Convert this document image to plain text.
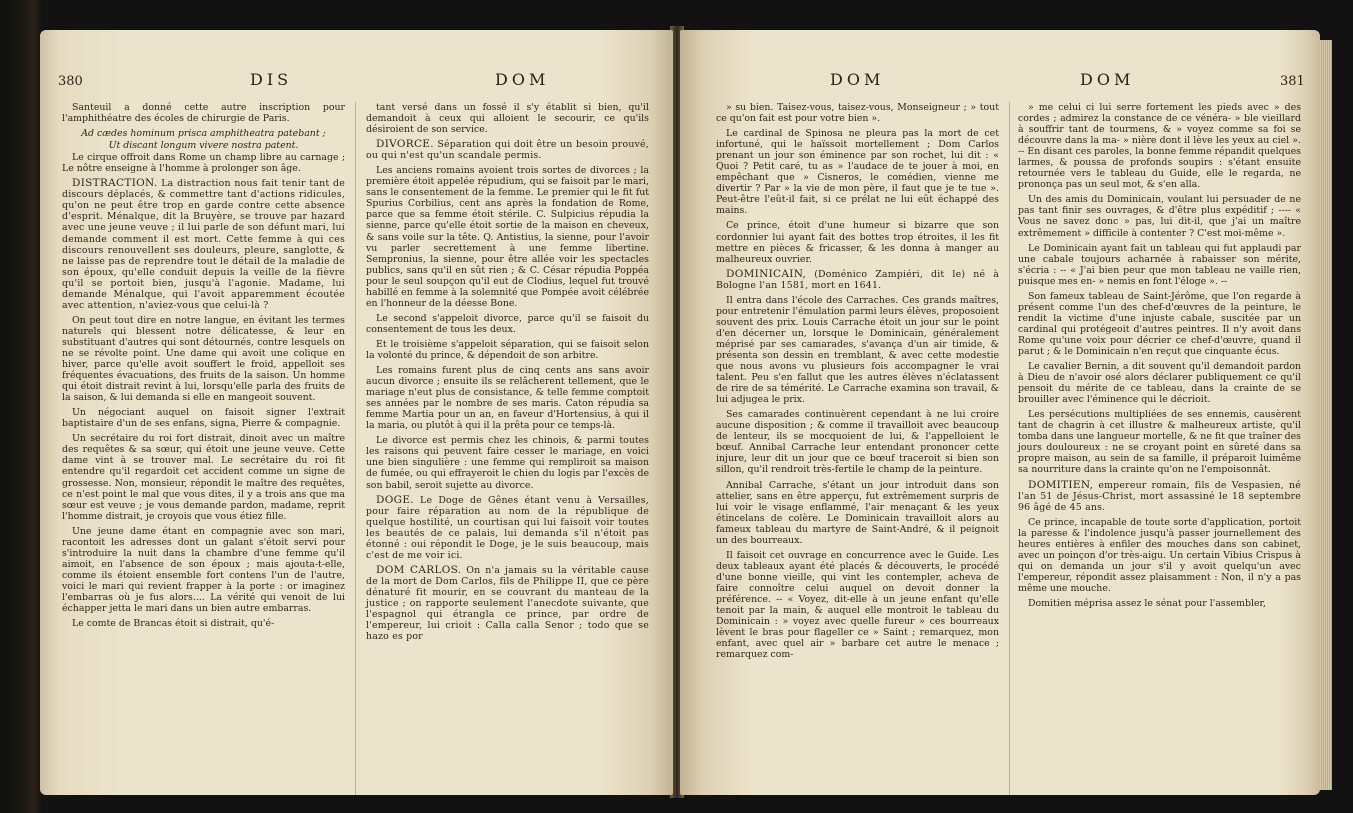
380	DIS	DOM

Santeuil a donné cette autre inscription pour l'amphithéatre des écoles de chirurgie de Paris.

Ad cædes hominum prisca amphitheatra patebant ;

Ut discant longum vivere nostra patent.

Le cirque offroit dans Rome un champ libre au carnage ; Le nôtre enseigne à l'homme à prolonger son âge.

DISTRACTION. La distraction nous fait tenir tant de discours déplacés, & commettre tant d'actions ridicules, qu'on ne peut être trop en garde contre cette absence d'esprit. Ménalque, dit la Bruyère, se trouve par hazard avec une jeune veuve ; il lui parle de son défunt mari, lui demande comment il est mort. Cette femme à qui ces discours renouvellent ses douleurs, pleure, sanglotte, & ne laisse pas de reprendre tout le détail de la maladie de son époux, qu'elle conduit depuis la veille de la fièvre qu'il se portoit bien, jusqu'à l'agonie. Madame, lui demande Ménalque, qui l'avoit apparemment écoutée avec attention, n'aviez-vous que celui-là ?

On peut tout dire en notre langue, en évitant les termes naturels qui blessent notre délicatesse, & leur en substituant d'autres qui sont détournés, contre lesquels on ne se révolte point. Une dame qui avoit une colique en hiver, parce qu'elle avoit souffert le froid, appelloit ses fréquentes évacuations, des fruits de la saison. Un homme qui étoit distrait revint à lui, lorsqu'elle parla des fruits de la saison, & lui demanda si elle en mangeoit souvent.

Un négociant auquel on faisoit signer l'extrait baptistaire d'un de ses enfans, signa, Pierre & compagnie.

Un secrétaire du roi fort distrait, dinoit avec un maître des requêtes & sa sœur, qui étoit une jeune veuve. Cette dame vint à se trouver mal. Le secrétaire du roi fit entendre qu'il regardoit cet accident comme un signe de grossesse. Non, monsieur, répondit le maître des requêtes, ce n'est point le mal que vous dites, il y a trois ans que ma sœur est veuve ; je vous demande pardon, madame, reprit l'homme distrait, je croyois que vous étiez fille.

Une jeune dame étant en compagnie avec son mari, racontoit les adresses dont un galant s'étoit servi pour s'introduire la nuit dans la chambre d'une femme qu'il aimoit, en l'absence de son époux ; mais ajouta-t-elle, comme ils étoient ensemble fort contens l'un de l'autre, voici le mari qui revient frapper à la porte : or imaginez l'embarras où je fus alors.... La vérité qui venoit de lui échapper jetta le mari dans un bien autre embarras.

Le comte de Brancas étoit si distrait, qu'é-

tant versé dans un fossé il s'y établit si bien, qu'il demandoit à ceux qui alloient le secourir, ce qu'ils désiroient de son service.

DIVORCE. Séparation qui doit être un besoin prouvé, ou qui n'est qu'un scandale permis.

Les anciens romains avoient trois sortes de divorces ; la première étoit appelée répudium, qui se faisoit par le mari, sans le consentement de la femme. Le premier qui le fit fut Spurius Corbilius, cent ans après la fondation de Rome, parce que sa femme étoit stérile. C. Sulpicius répudia la sienne, parce qu'elle étoit sortie de la maison en cheveux, & sans voile sur la tête. Q. Antistius, la sienne, pour l'avoir vu parler secrettement à une femme libertine. Sempronius, la sienne, pour être allée voir les spectacles publics, sans qu'il en sût rien ; & C. César répudia Poppéa pour le seul soupçon qu'il eut de Clodius, lequel fut trouvé habillé en femme à la solemnité que Pompée avoit célébrée en l'honneur de la déesse Bone.

Le second s'appeloit divorce, parce qu'il se faisoit du consentement de tous les deux.

Et le troisième s'appeloit séparation, qui se faisoit selon la volonté du prince, & dépendoit de son arbitre.

Les romains furent plus de cinq cents ans sans avoir aucun divorce ; ensuite ils se relâcherent tellement, que le mariage n'eut plus de consistance, & telle femme comptoit ses années par le nombre de ses maris. Caton répudia sa femme Martia pour un an, en faveur d'Hortensius, à qui il la maria, ou plutôt à qui il la prêta pour ce temps-là.

Le divorce est permis chez les chinois, & parmi toutes les raisons qui peuvent faire cesser le mariage, en voici une bien singulière : une femme qui rempliroit sa maison de fumée, ou qui effrayeroit le chien du logis par l'excès de son babil, seroit sujette au divorce.

DOGE. Le Doge de Gênes étant venu à Versailles, pour faire réparation au nom de la république de quelque hostilité, un courtisan qui lui faisoit voir toutes les beautés de ce palais, lui demanda s'il n'étoit pas étonné : oui répondit le Doge, je le suis beaucoup, mais c'est de me voir ici.

DOM CARLOS. On n'a jamais su la véritable cause de la mort de Dom Carlos, fils de Philippe II, que ce père dénaturé fit mourir, en se couvrant du manteau de la justice ; on rapporte seulement l'anecdote suivante, que l'espagnol qui étrangla ce prince, par ordre de l'empereur, lui crioit : Calla calla Senor ; todo que se hazo es por

DOM	DOM	381

» su bien. Taisez-vous, taisez-vous, Monseigneur ; » tout ce qu'on fait est pour votre bien ».

Le cardinal de Spinosa ne pleura pas la mort de cet infortuné, qui le haïssoit mortellement ; Dom Carlos prenant un jour son éminence par son rochet, lui dit : « Quoi ? Petit caré, tu as » l'audace de te jouer à moi, en empêchant que » Cisneros, le comédien, vienne me divertir ? Par » la vie de mon père, il faut que je te tue ». Peut-être l'eût-il fait, si ce prélat ne lui eût échappé des mains.

Ce prince, étoit d'une humeur si bizarre que son cordonnier lui ayant fait des bottes trop étroites, il les fit mettre en pièces & fricasser, & les donna à manger au malheureux ouvrier.

DOMINICAIN, (Doménico Zampiéri, dit le) né à Bologne l'an 1581, mort en 1641.

Il entra dans l'école des Carraches. Ces grands maîtres, pour entretenir l'émulation parmi leurs élèves, proposoient souvent des prix. Louis Carrache étoit un jour sur le point d'en décerner un, lorsque le Dominicain, généralement méprisé par ses camarades, s'avança d'un air timide, & présenta son dessin en tremblant, & avec cette modestie que nous avons vu plusieurs fois accompagner le vrai talent. Peu s'en fallut que les autres élèves n'éclatassent de rire de sa témérité. Le Carrache examina son travail, & lui adjugea le prix.

Ses camarades continuèrent cependant à ne lui croire aucune disposition ; & comme il travailloit avec beaucoup de lenteur, ils se mocquoient de lui, & l'appelloient le bœuf. Annibal Carrache leur entendant prononcer cette injure, leur dit un jour que ce bœuf traceroit si bien son sillon, qu'il rendroit très-fertile le champ de la peinture.

Annibal Carrache, s'étant un jour introduit dans son attelier, sans en être apperçu, fut extrêmement surpris de lui voir le visage enflammé, l'air menaçant & les yeux étincelans de colère. Le Dominicain travailloit alors au fameux tableau du martyre de Saint-André, & il peignoit un des bourreaux.

Il faisoit cet ouvrage en concurrence avec le Guide. Les deux tableaux ayant été placés & découverts, le procédé d'une bonne vieille, qui vint les contempler, acheva de faire connoître celui auquel on devoit donner la préférence. -- « Voyez, dit-elle à un jeune enfant qu'elle tenoit par la main, & auquel elle montroit le tableau du Dominicain : » voyez avec quelle fureur » ces bourreaux lèvent le bras pour flageller ce » Saint ; remarquez, mon enfant, avec quel air » barbare cet autre le menace ; remarquez com-

» me celui ci lui serre fortement les pieds avec » des cordes ; admirez la constance de ce vénéra- » ble vieillard à souffrir tant de tourmens, & » voyez comme sa foi se découvre dans la ma- » nière dont il lève les yeux au ciel ». -- En disant ces paroles, la bonne femme répandit quelques larmes, & poussa de profonds soupirs : s'étant ensuite retournée vers le tableau du Guide, elle le regarda, ne prononça pas un seul mot, & s'en alla.

Un des amis du Dominicain, voulant lui persuader de ne pas tant finir ses ouvrages, & d'être plus expéditif ; ---- « Vous ne savez donc » pas, lui dit-il, que j'ai un maître extrêmement » difficile à contenter ? C'est moi-même ».

Le Dominicain ayant fait un tableau qui fut applaudi par une cabale toujours acharnée à rabaisser son mérite, s'écria : -- « J'ai bien peur que mon tableau ne vaille rien, puisque mes en- » nemis en font l'éloge ». --

Son fameux tableau de Saint-Jérôme, que l'on regarde à présent comme l'un des chef-d'œuvres de la peinture, le rendit la victime d'une injuste cabale, suscitée par un cardinal qui protégeoit d'autres peintres. Il n'y avoit dans Rome qu'une voix pour décrier ce chef-d'œuvre, quand il parut ; & le Dominicain n'en reçut que cinquante écus.

Le cavalier Bernin, a dit souvent qu'il demandoit pardon à Dieu de n'avoir osé alors déclarer publiquement ce qu'il pensoit du mérite de ce tableau, dans la crainte de se brouiller avec l'éminence qui le décrioit.

Les persécutions multipliées de ses ennemis, causèrent tant de chagrin à cet illustre & malheureux artiste, qu'il tomba dans une langueur mortelle, & ne fit que traîner des jours douloureux : ne se croyant point en sûreté dans sa propre maison, au sein de sa famille, il préparoit luimême sa nourriture dans la crainte qu'on ne l'empoisonnât.

DOMITIEN, empereur romain, fils de Vespasien, né l'an 51 de Jésus-Christ, mort assassiné le 18 septembre 96 âgé de 45 ans.

Ce prince, incapable de toute sorte d'application, portoit la paresse & l'indolence jusqu'à passer journellement des heures entières à enfiler des mouches dans son cabinet, avec un poinçon d'or très-aigu. Un certain Vibius Crispus à qui on demanda un jour s'il y avoit quelqu'un avec l'empereur, répondit assez plaisamment : Non, il n'y a pas même une mouche.

Domitien méprisa assez le sénat pour l'assembler,
